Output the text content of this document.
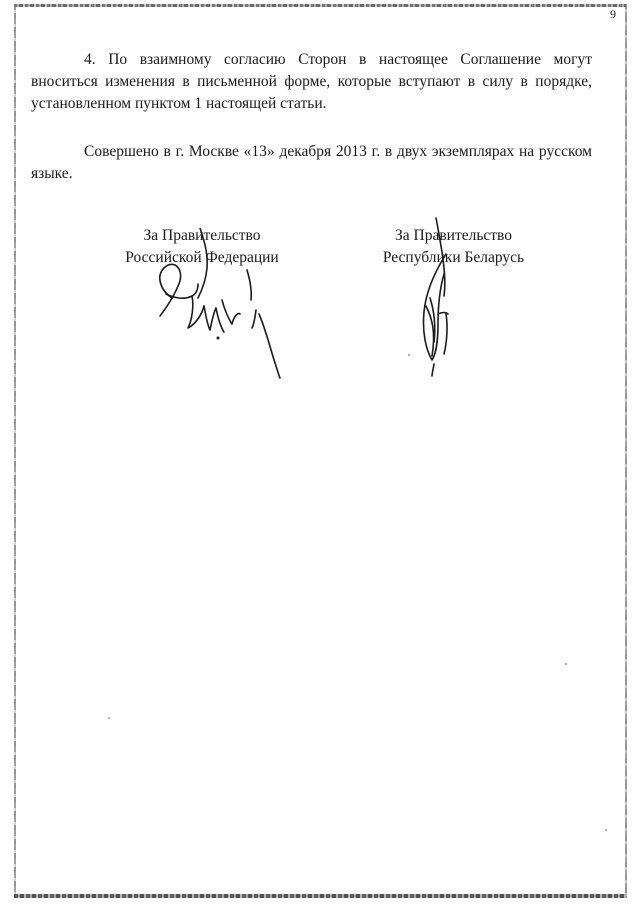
9

4. По взаимному согласию Сторон в настоящее Соглашение могут вноситься изменения в письменной форме, которые вступают в силу в порядке, установленном пунктом 1 настоящей статьи.

Совершено в г. Москве «13» декабря 2013 г. в двух экземплярах на русском языке.

За Правительство
Российской Федерации
За Правительство
Республики Беларусь
